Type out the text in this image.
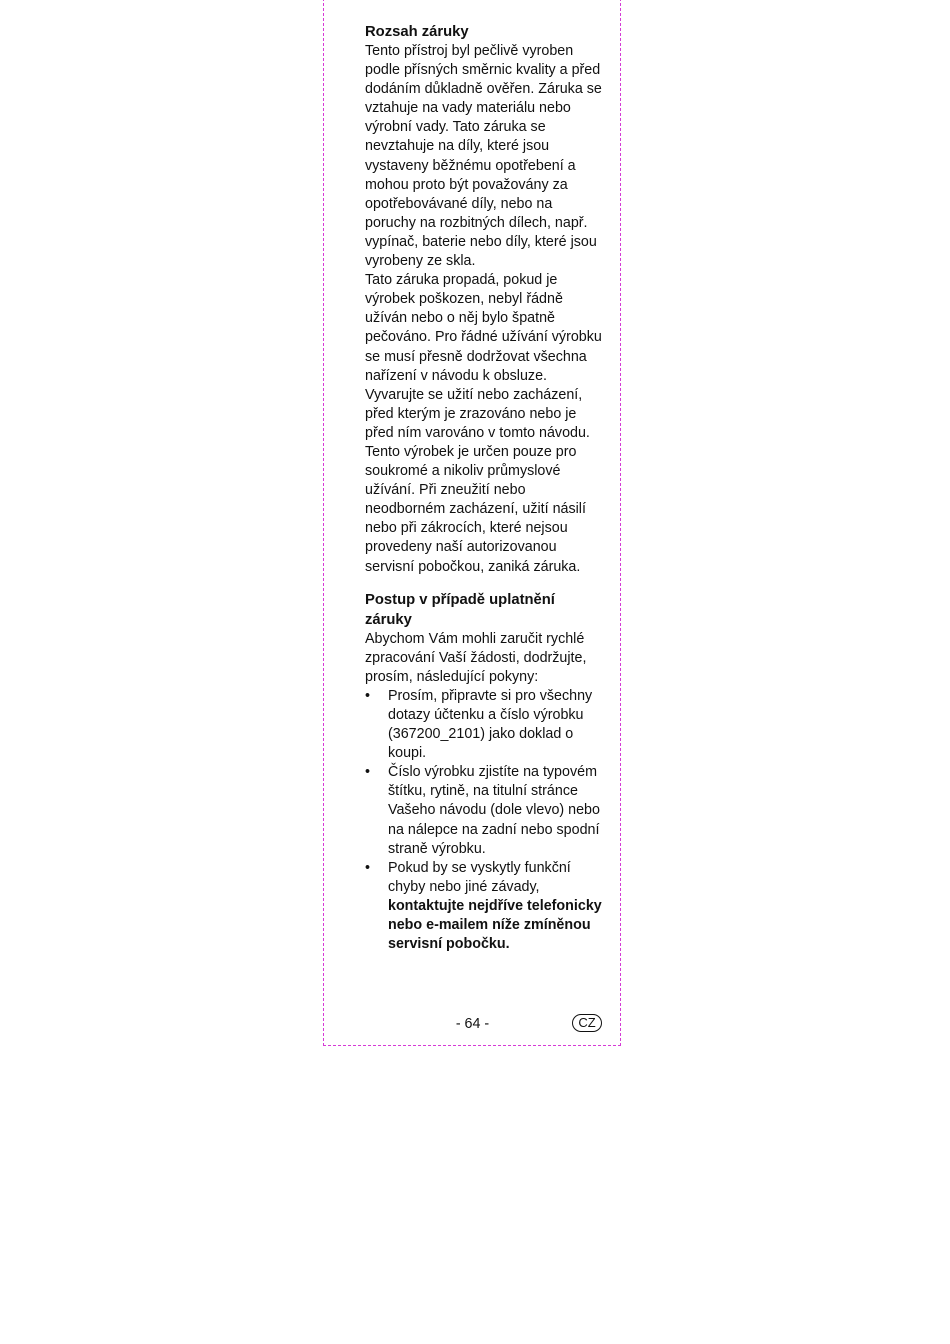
Rozsah záruky

Tento přístroj byl pečlivě vyroben podle přísných směrnic kvality a před dodáním důkladně ověřen. Záruka se vztahuje na vady materiálu nebo výrobní vady. Tato záruka se nevztahuje na díly, které jsou vystaveny běžnému opotřebení a mohou proto být považovány za opotřebovávané díly, nebo na poruchy na rozbitných dílech, např. vypínač, baterie nebo díly, které jsou vyrobeny ze skla.

Tato záruka propadá, pokud je výrobek poškozen, nebyl řádně užíván nebo o něj bylo špatně pečováno. Pro řádné užívání výrobku se musí přesně dodržovat všechna nařízení v návodu k obsluze. Vyvarujte se užití nebo zacházení, před kterým je zrazováno nebo je před ním varováno v tomto návodu. Tento výrobek je určen pouze pro soukromé a nikoliv průmyslové užívání. Při zneužití nebo neodborném zacházení, užití násilí nebo při zákrocích, které nejsou provedeny naší autorizovanou servisní pobočkou, zaniká záruka.

Postup v případě uplatnění záruky

Abychom Vám mohli zaručit rychlé zpracování Vaší žádosti, dodržujte, prosím, následující pokyny:

• Prosím, připravte si pro všechny dotazy účtenku a číslo výrobku (367200_2101) jako doklad o koupi.
• Číslo výrobku zjistíte na typovém štítku, rytině, na titulní stránce Vašeho návodu (dole vlevo) nebo na nálepce na zadní nebo spodní straně výrobku.
• Pokud by se vyskytly funkční chyby nebo jiné závady, kontaktujte nejdříve telefonicky nebo e-mailem níže zmíněnou servisní pobočku.
- 64 -	CZ
